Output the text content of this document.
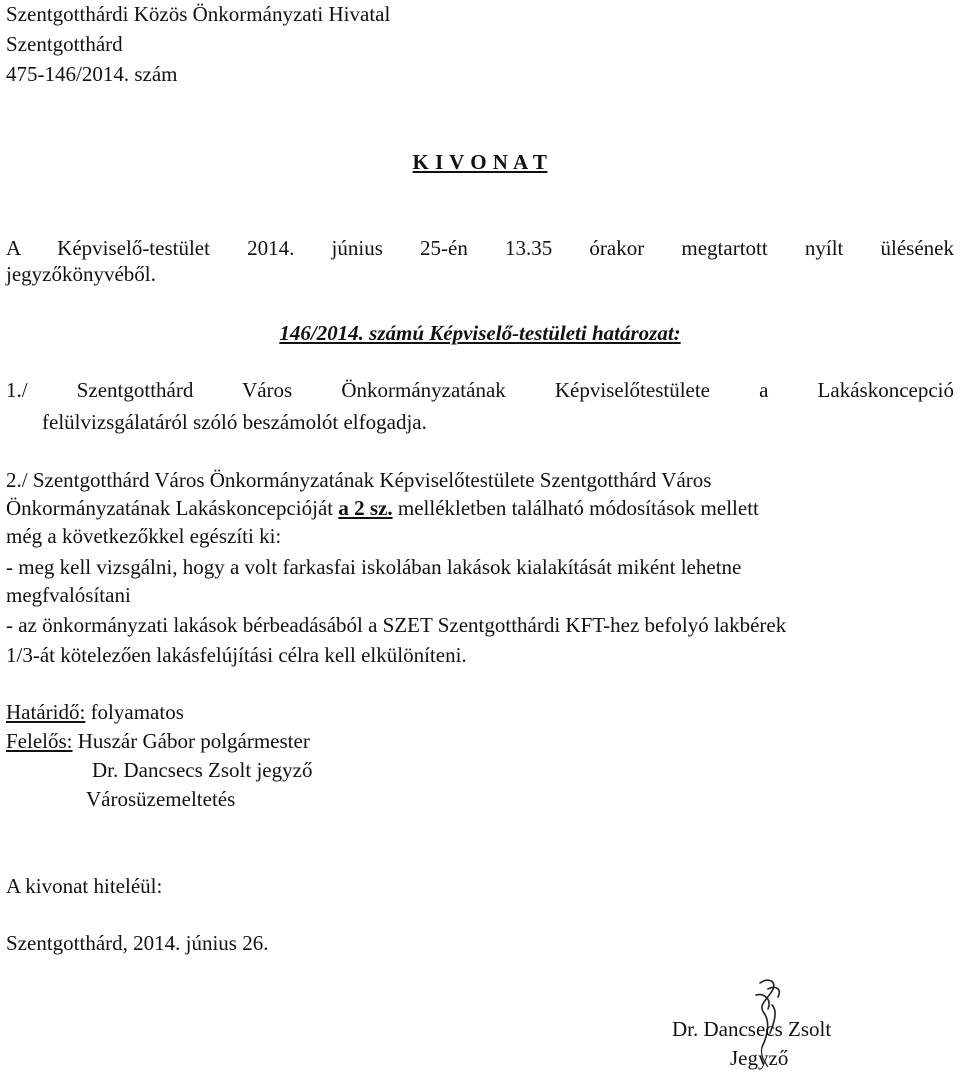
Szentgotthárdi Közös Önkormányzati Hivatal
Szentgotthárd
475-146/2014. szám
K I V O N A T
A Képviselő-testület 2014. június 25-én 13.35 órakor megtartott nyílt ülésének
jegyzőkönyvéből.
146/2014. számú Képviselő-testületi határozat:
1./ Szentgotthárd Város Önkormányzatának Képviselőtestülete a Lakáskoncepció
felülvizsgálatáról szóló beszámolót elfogadja.
2./ Szentgotthárd Város Önkormányzatának Képviselőtestülete Szentgotthárd Város
Önkormányzatának Lakáskoncepcióját a 2 sz. mellékletben található módosítások mellett
még a következőkkel egészíti ki:
- meg kell vizsgálni, hogy a volt farkasfai iskolában lakások kialakítását miként lehetne
megfvalósítani
- az önkormányzati lakások bérbeadásából a SZET Szentgotthárdi KFT-hez befolyó lakbérek
1/3-át kötelezően lakásfelújítási célra kell elkülöníteni.
Határidő: folyamatos
Felelős: Huszár Gábor polgármester
Dr. Dancsecs Zsolt jegyző
Városüzemeltetés
A kivonat hiteléül:
Szentgotthárd, 2014. június 26.
Dr. Dancsecs Zsolt
Jegyző
